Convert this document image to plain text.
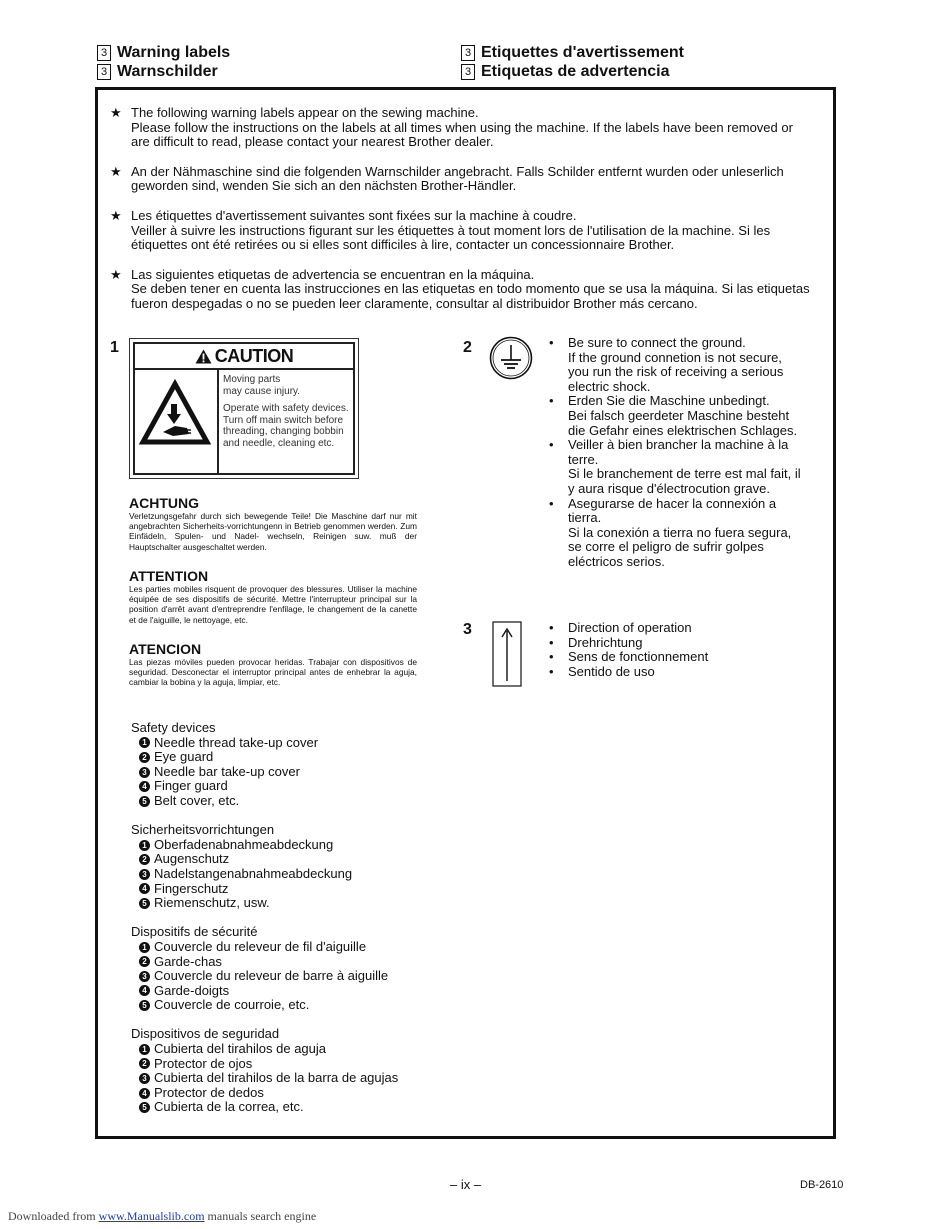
3 Warning labels
3 Warnschilder
3 Etiquettes d'avertissement
3 Etiquetas de advertencia
★ The following warning labels appear on the sewing machine.
Please follow the instructions on the labels at all times when using the machine. If the labels have been removed or are difficult to read, please contact your nearest Brother dealer.
★ An der Nähmaschine sind die folgenden Warnschilder angebracht. Falls Schilder entfernt wurden oder unleserlich geworden sind, wenden Sie sich an den nächsten Brother-Händler.
★ Les étiquettes d'avertissement suivantes sont fixées sur la machine à coudre.
Veiller à suivre les instructions figurant sur les étiquettes à tout moment lors de l'utilisation de la machine. Si les étiquettes ont été retirées ou si elles sont difficiles à lire, contacter un concessionnaire Brother.
★ Las siguientes etiquetas de advertencia se encuentran en la máquina.
Se deben tener en cuenta las instrucciones en las etiquetas en todo momento que se usa la máquina. Si las etiquetas fueron despegadas o no se pueden leer claramente, consultar al distribuidor Brother más cercano.
1	CAUTION
Moving parts
may cause injury.
Operate with safety devices.
Turn off main switch before
threading, changing bobbin
and needle, cleaning etc.
ACHTUNG
Verletzungsgefahr durch sich bewegende Teile! Die Maschine darf nur mit angebrachten Sicherheits-vorrichtungenn in Betrieb genommen werden. Zum Einfädeln, Spulen- und Nadel- wechseln, Reinigen suw. muß der Hauptschalter ausgeschaltet werden.
ATTENTION
Les parties mobiles risquent de provoquer des blessures. Utiliser la machine équipée de ses dispositifs de sécurité. Mettre l'interrupteur principal sur la position d'arrêt avant d'entreprendre l'enfilage, le changement de la canette et de l'aiguille, le nettoyage, etc.
ATENCION
Las piezas móviles pueden provocar heridas. Trabajar con dispositivos de seguridad. Desconectar el interruptor principal antes de enhebrar la aguja, cambiar la bobina y la aguja, limpiar, etc.
Safety devices
1 Needle thread take-up cover
2 Eye guard
3 Needle bar take-up cover
4 Finger guard
5 Belt cover, etc.
Sicherheitsvorrichtungen
1 Oberfadenabnahmeabdeckung
2 Augenschutz
3 Nadelstangenabnahmeabdeckung
4 Fingerschutz
5 Riemenschutz, usw.
Dispositifs de sécurité
1 Couvercle du releveur de fil d'aiguille
2 Garde-chas
3 Couvercle du releveur de barre à aiguille
4 Garde-doigts
5 Couvercle de courroie, etc.
Dispositivos de seguridad
1 Cubierta del tirahilos de aguja
2 Protector de ojos
3 Cubierta del tirahilos de la barra de agujas
4 Protector de dedos
5 Cubierta de la correa, etc.
2	•	Be sure to connect the ground.
If the ground connetion is not secure, you run the risk of receiving a serious electric shock.
•	Erden Sie die Maschine unbedingt.
Bei falsch geerdeter Maschine besteht die Gefahr eines elektrischen Schlages.
•	Veiller à bien brancher la machine à la terre.
Si le branchement de terre est mal fait, il y aura risque d'électrocution grave.
•	Asegurarse de hacer la connexión a tierra.
Si la conexión a tierra no fuera segura, se corre el peligro de sufrir golpes eléctricos serios.
3	•	Direction of operation
•	Drehrichtung
•	Sens de fonctionnement
•	Sentido de uso
– ix –	DB-2610
Downloaded from www.Manualslib.com manuals search engine
